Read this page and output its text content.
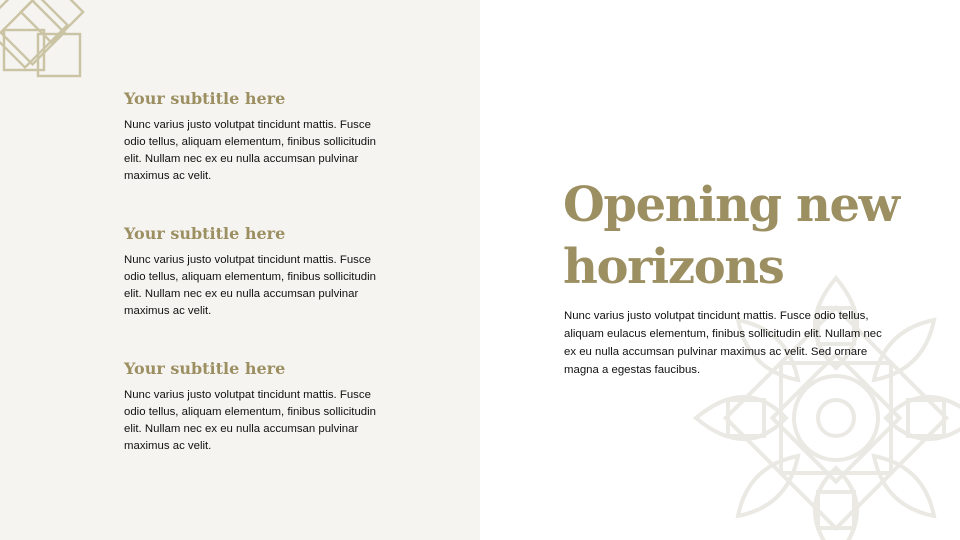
Your subtitle here

Nunc varius justo volutpat tincidunt mattis. Fusce odio tellus, aliquam elementum, finibus sollicitudin elit. Nullam nec ex eu nulla accumsan pulvinar maximus ac velit.

Your subtitle here

Nunc varius justo volutpat tincidunt mattis. Fusce odio tellus, aliquam elementum, finibus sollicitudin elit. Nullam nec ex eu nulla accumsan pulvinar maximus ac velit.

Your subtitle here

Nunc varius justo volutpat tincidunt mattis. Fusce odio tellus, aliquam elementum, finibus sollicitudin elit. Nullam nec ex eu nulla accumsan pulvinar maximus ac velit.

Opening new
horizons

Nunc varius justo volutpat tincidunt mattis. Fusce odio tellus, aliquam eulacus elementum, finibus sollicitudin elit. Nullam nec ex eu nulla accumsan pulvinar maximus ac velit. Sed ornare magna a egestas faucibus.
